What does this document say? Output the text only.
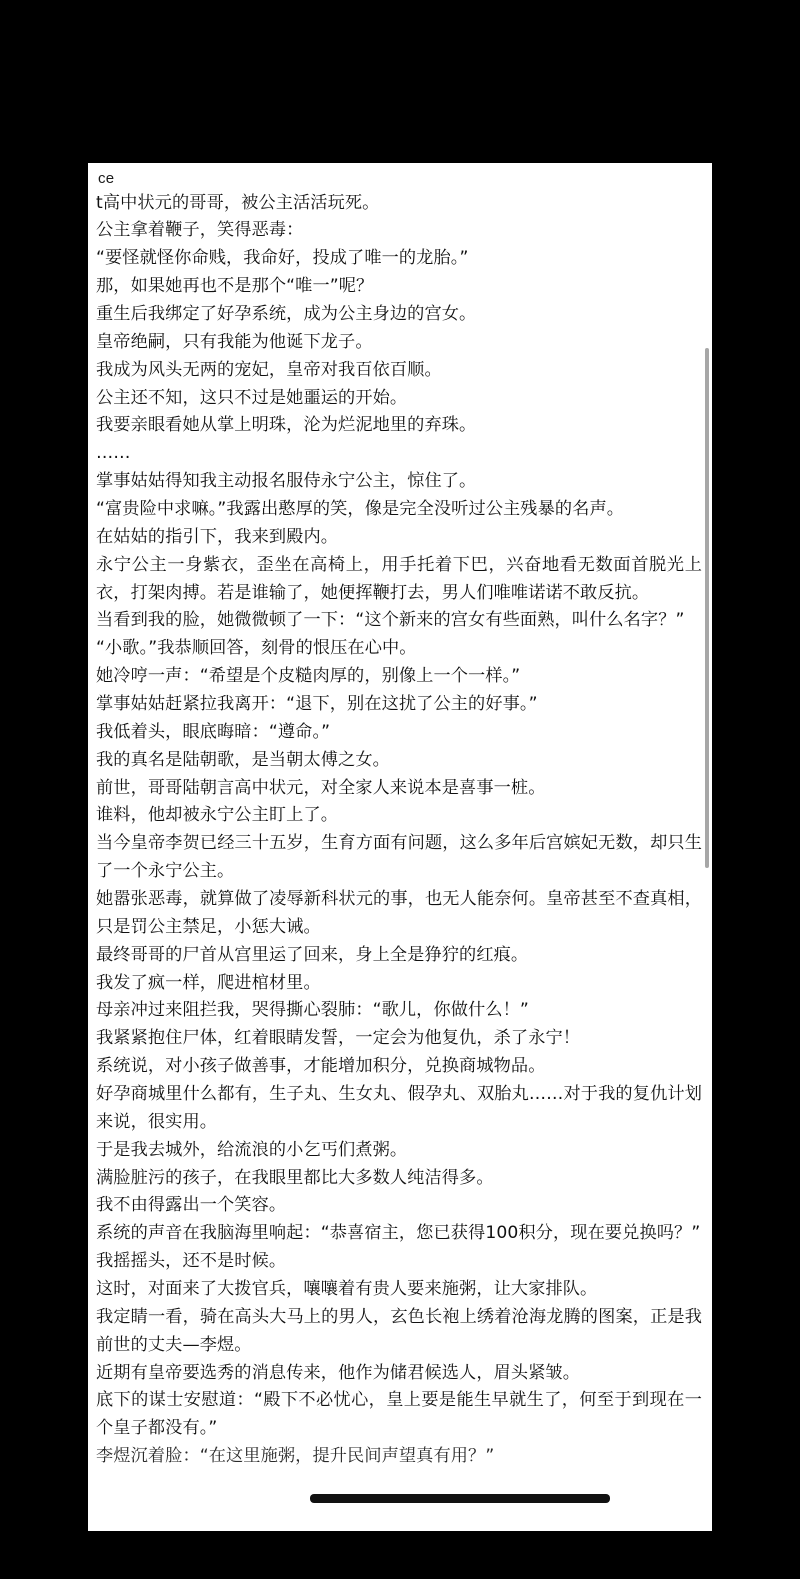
ce

t高中状元的哥哥，被公主活活玩死。

公主拿着鞭子，笑得恶毒：

“要怪就怪你命贱，我命好，投成了唯一的龙胎。”

那，如果她再也不是那个“唯一”呢？

重生后我绑定了好孕系统，成为公主身边的宫女。

皇帝绝嗣，只有我能为他诞下龙子。

我成为风头无两的宠妃，皇帝对我百依百顺。

公主还不知，这只不过是她噩运的开始。

我要亲眼看她从掌上明珠，沦为烂泥地里的弃珠。

……

掌事姑姑得知我主动报名服侍永宁公主，惊住了。

“富贵险中求嘛。”我露出憨厚的笑，像是完全没听过公主残暴的名声。

在姑姑的指引下，我来到殿内。

永宁公主一身紫衣，歪坐在高椅上，用手托着下巴，兴奋地看无数面首脱光上衣，打架肉搏。若是谁输了，她便挥鞭打去，男人们唯唯诺诺不敢反抗。

当看到我的脸，她微微顿了一下：“这个新来的宫女有些面熟，叫什么名字？”

“小歌。”我恭顺回答，刻骨的恨压在心中。

她冷哼一声：“希望是个皮糙肉厚的，别像上一个一样。”

掌事姑姑赶紧拉我离开：“退下，别在这扰了公主的好事。”

我低着头，眼底晦暗：“遵命。”

我的真名是陆朝歌，是当朝太傅之女。

前世，哥哥陆朝言高中状元，对全家人来说本是喜事一桩。

谁料，他却被永宁公主盯上了。

当今皇帝李贺已经三十五岁，生育方面有问题，这么多年后宫嫔妃无数，却只生了一个永宁公主。

她嚣张恶毒，就算做了凌辱新科状元的事，也无人能奈何。皇帝甚至不查真相，只是罚公主禁足，小惩大诫。

最终哥哥的尸首从宫里运了回来，身上全是狰狞的红痕。

我发了疯一样，爬进棺材里。

母亲冲过来阻拦我，哭得撕心裂肺：“歌儿，你做什么！”

我紧紧抱住尸体，红着眼睛发誓，一定会为他复仇，杀了永宁！

系统说，对小孩子做善事，才能增加积分，兑换商城物品。

好孕商城里什么都有，生子丸、生女丸、假孕丸、双胎丸……对于我的复仇计划来说，很实用。

于是我去城外，给流浪的小乞丐们煮粥。

满脸脏污的孩子，在我眼里都比大多数人纯洁得多。

我不由得露出一个笑容。

系统的声音在我脑海里响起：“恭喜宿主，您已获得100积分，现在要兑换吗？”

我摇摇头，还不是时候。

这时，对面来了大拨官兵，嚷嚷着有贵人要来施粥，让大家排队。

我定睛一看，骑在高头大马上的男人，玄色长袍上绣着沧海龙腾的图案，正是我前世的丈夫—李煜。

近期有皇帝要选秀的消息传来，他作为储君候选人，眉头紧皱。

底下的谋士安慰道：“殿下不必忧心，皇上要是能生早就生了，何至于到现在一个皇子都没有。”

李煜沉着脸：“在这里施粥，提升民间声望真有用？”
